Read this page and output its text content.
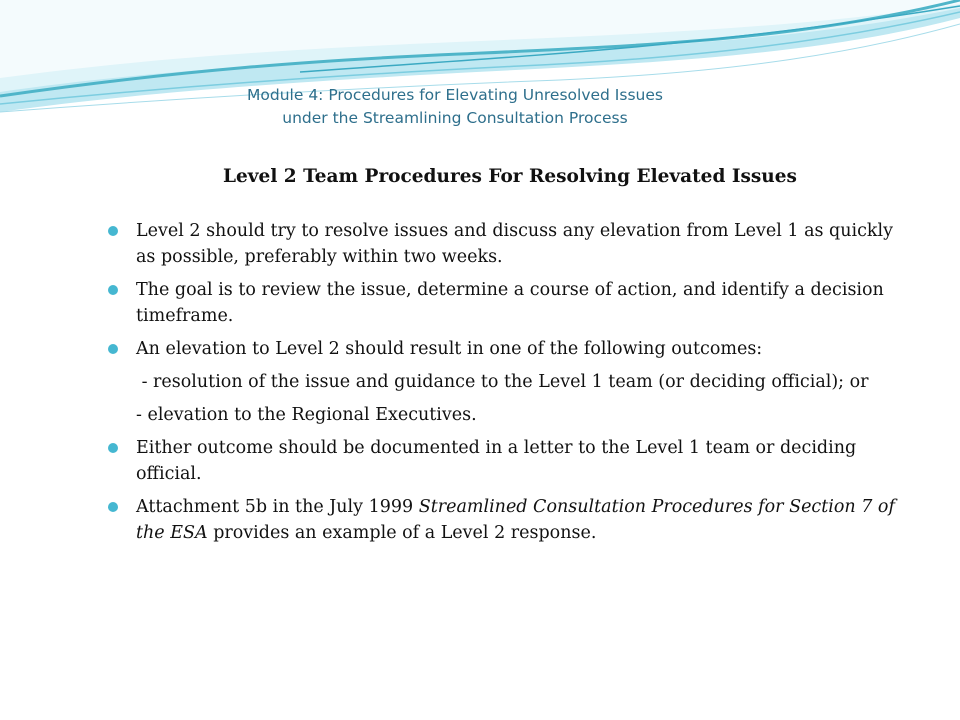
Module 4: Procedures for Elevating Unresolved Issues
under the Streamlining Consultation Process
Level 2 Team Procedures For Resolving Elevated Issues
Level 2 should try to resolve issues and discuss any elevation from Level 1 as quickly as possible, preferably within two weeks.
The goal is to review the issue, determine a course of action, and identify a decision timeframe.
An elevation to Level 2 should result in one of the following outcomes:
- resolution of the issue and guidance to the Level 1 team (or deciding official); or
- elevation to the Regional Executives.
Either outcome should be documented in a letter to the Level 1 team or deciding official.
Attachment 5b in the July 1999 Streamlined Consultation Procedures for Section 7 of the ESA provides an example of a Level 2 response.
